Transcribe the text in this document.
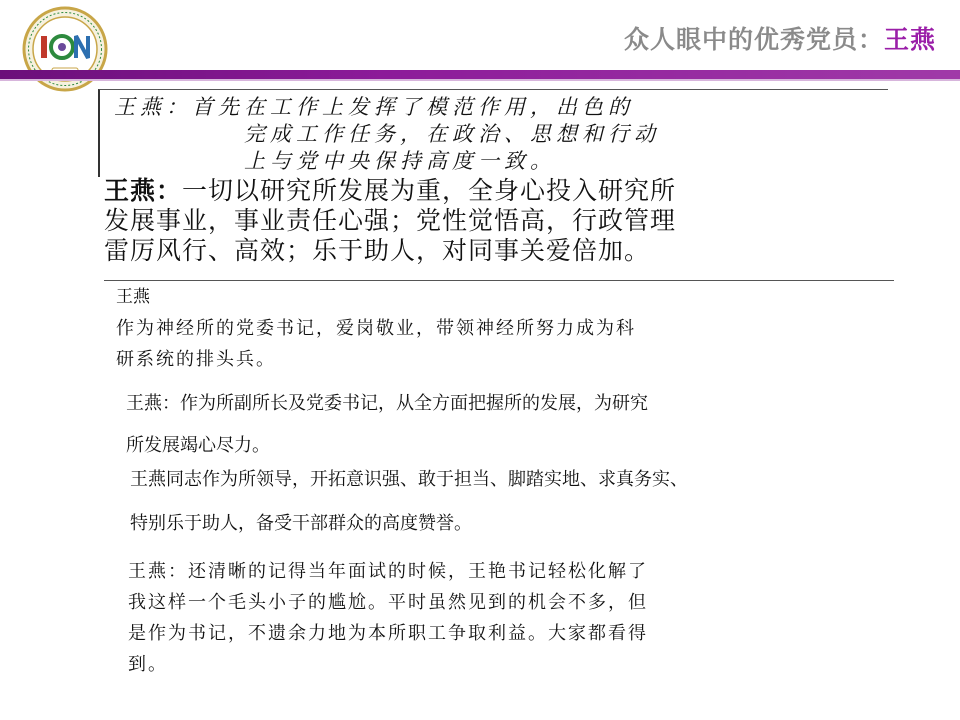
众人眼中的优秀党员：王燕
王燕：首先在工作上发挥了模范作用，出色的
完成工作任务，在政治、思想和行动
上与党中央保持高度一致。
王燕：一切以研究所发展为重，全身心投入研究所
发展事业，事业责任心强；党性觉悟高，行政管理
雷厉风行、高效；乐于助人，对同事关爱倍加。
王燕
作为神经所的党委书记，爱岗敬业，带领神经所努力成为科
研系统的排头兵。
王燕：作为所副所长及党委书记，从全方面把握所的发展，为研究
所发展竭心尽力。
王燕同志作为所领导，开拓意识强、敢于担当、脚踏实地、求真务实、
特别乐于助人，备受干部群众的高度赞誉。
王燕：还清晰的记得当年面试的时候，王艳书记轻松化解了
我这样一个毛头小子的尴尬。平时虽然见到的机会不多，但
是作为书记，不遗余力地为本所职工争取利益。大家都看得
到。
